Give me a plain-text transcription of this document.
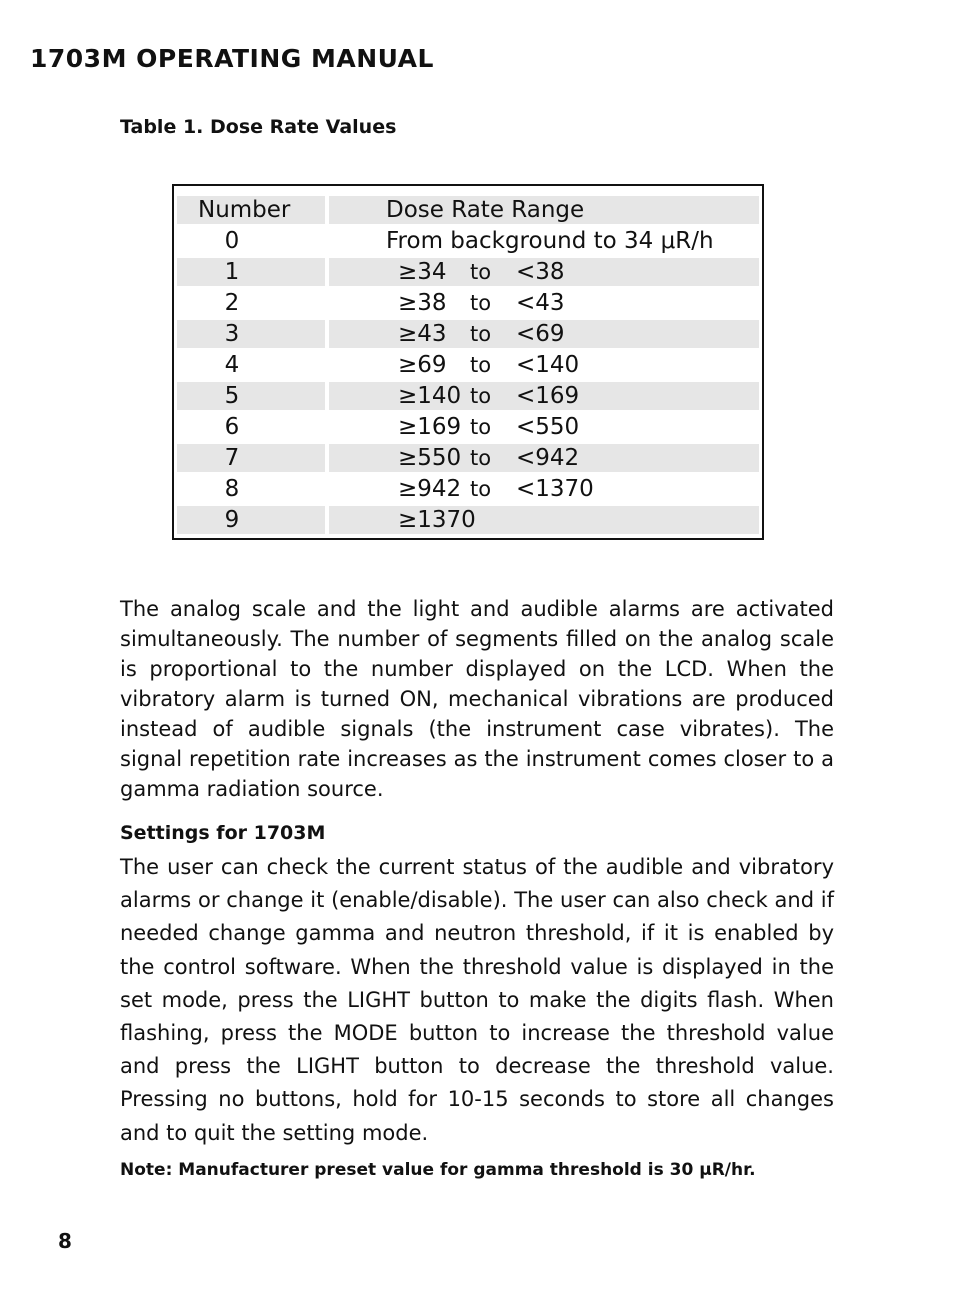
1703M OPERATING MANUAL
Table 1. Dose Rate Values
Number	Dose Rate Range
0	From background to 34 μR/h
1	≥34 to <38
2	≥38 to <43
3	≥43 to <69
4	≥69 to <140
5	≥140 to <169
6	≥169 to <550
7	≥550 to <942
8	≥942 to <1370
9	≥1370

The analog scale and the light and audible alarms are activated simultaneously. The number of segments filled on the analog scale is proportional to the number displayed on the LCD. When the vibratory alarm is turned ON, mechanical vibrations are produced instead of audible signals (the instrument case vibrates). The signal repetition rate increases as the instrument comes closer to a gamma radiation source.

Settings for 1703M

The user can check the current status of the audible and vibratory alarms or change it (enable/disable). The user can also check and if needed change gamma and neutron threshold, if it is enabled by the control software. When the threshold value is displayed in the set mode, press the LIGHT button to make the digits flash. When flashing, press the MODE button to increase the threshold value and press the LIGHT button to decrease the threshold value. Pressing no buttons, hold for 10-15 seconds to store all changes and to quit the setting mode.

Note: Manufacturer preset value for gamma threshold is 30 μR/hr.

8
